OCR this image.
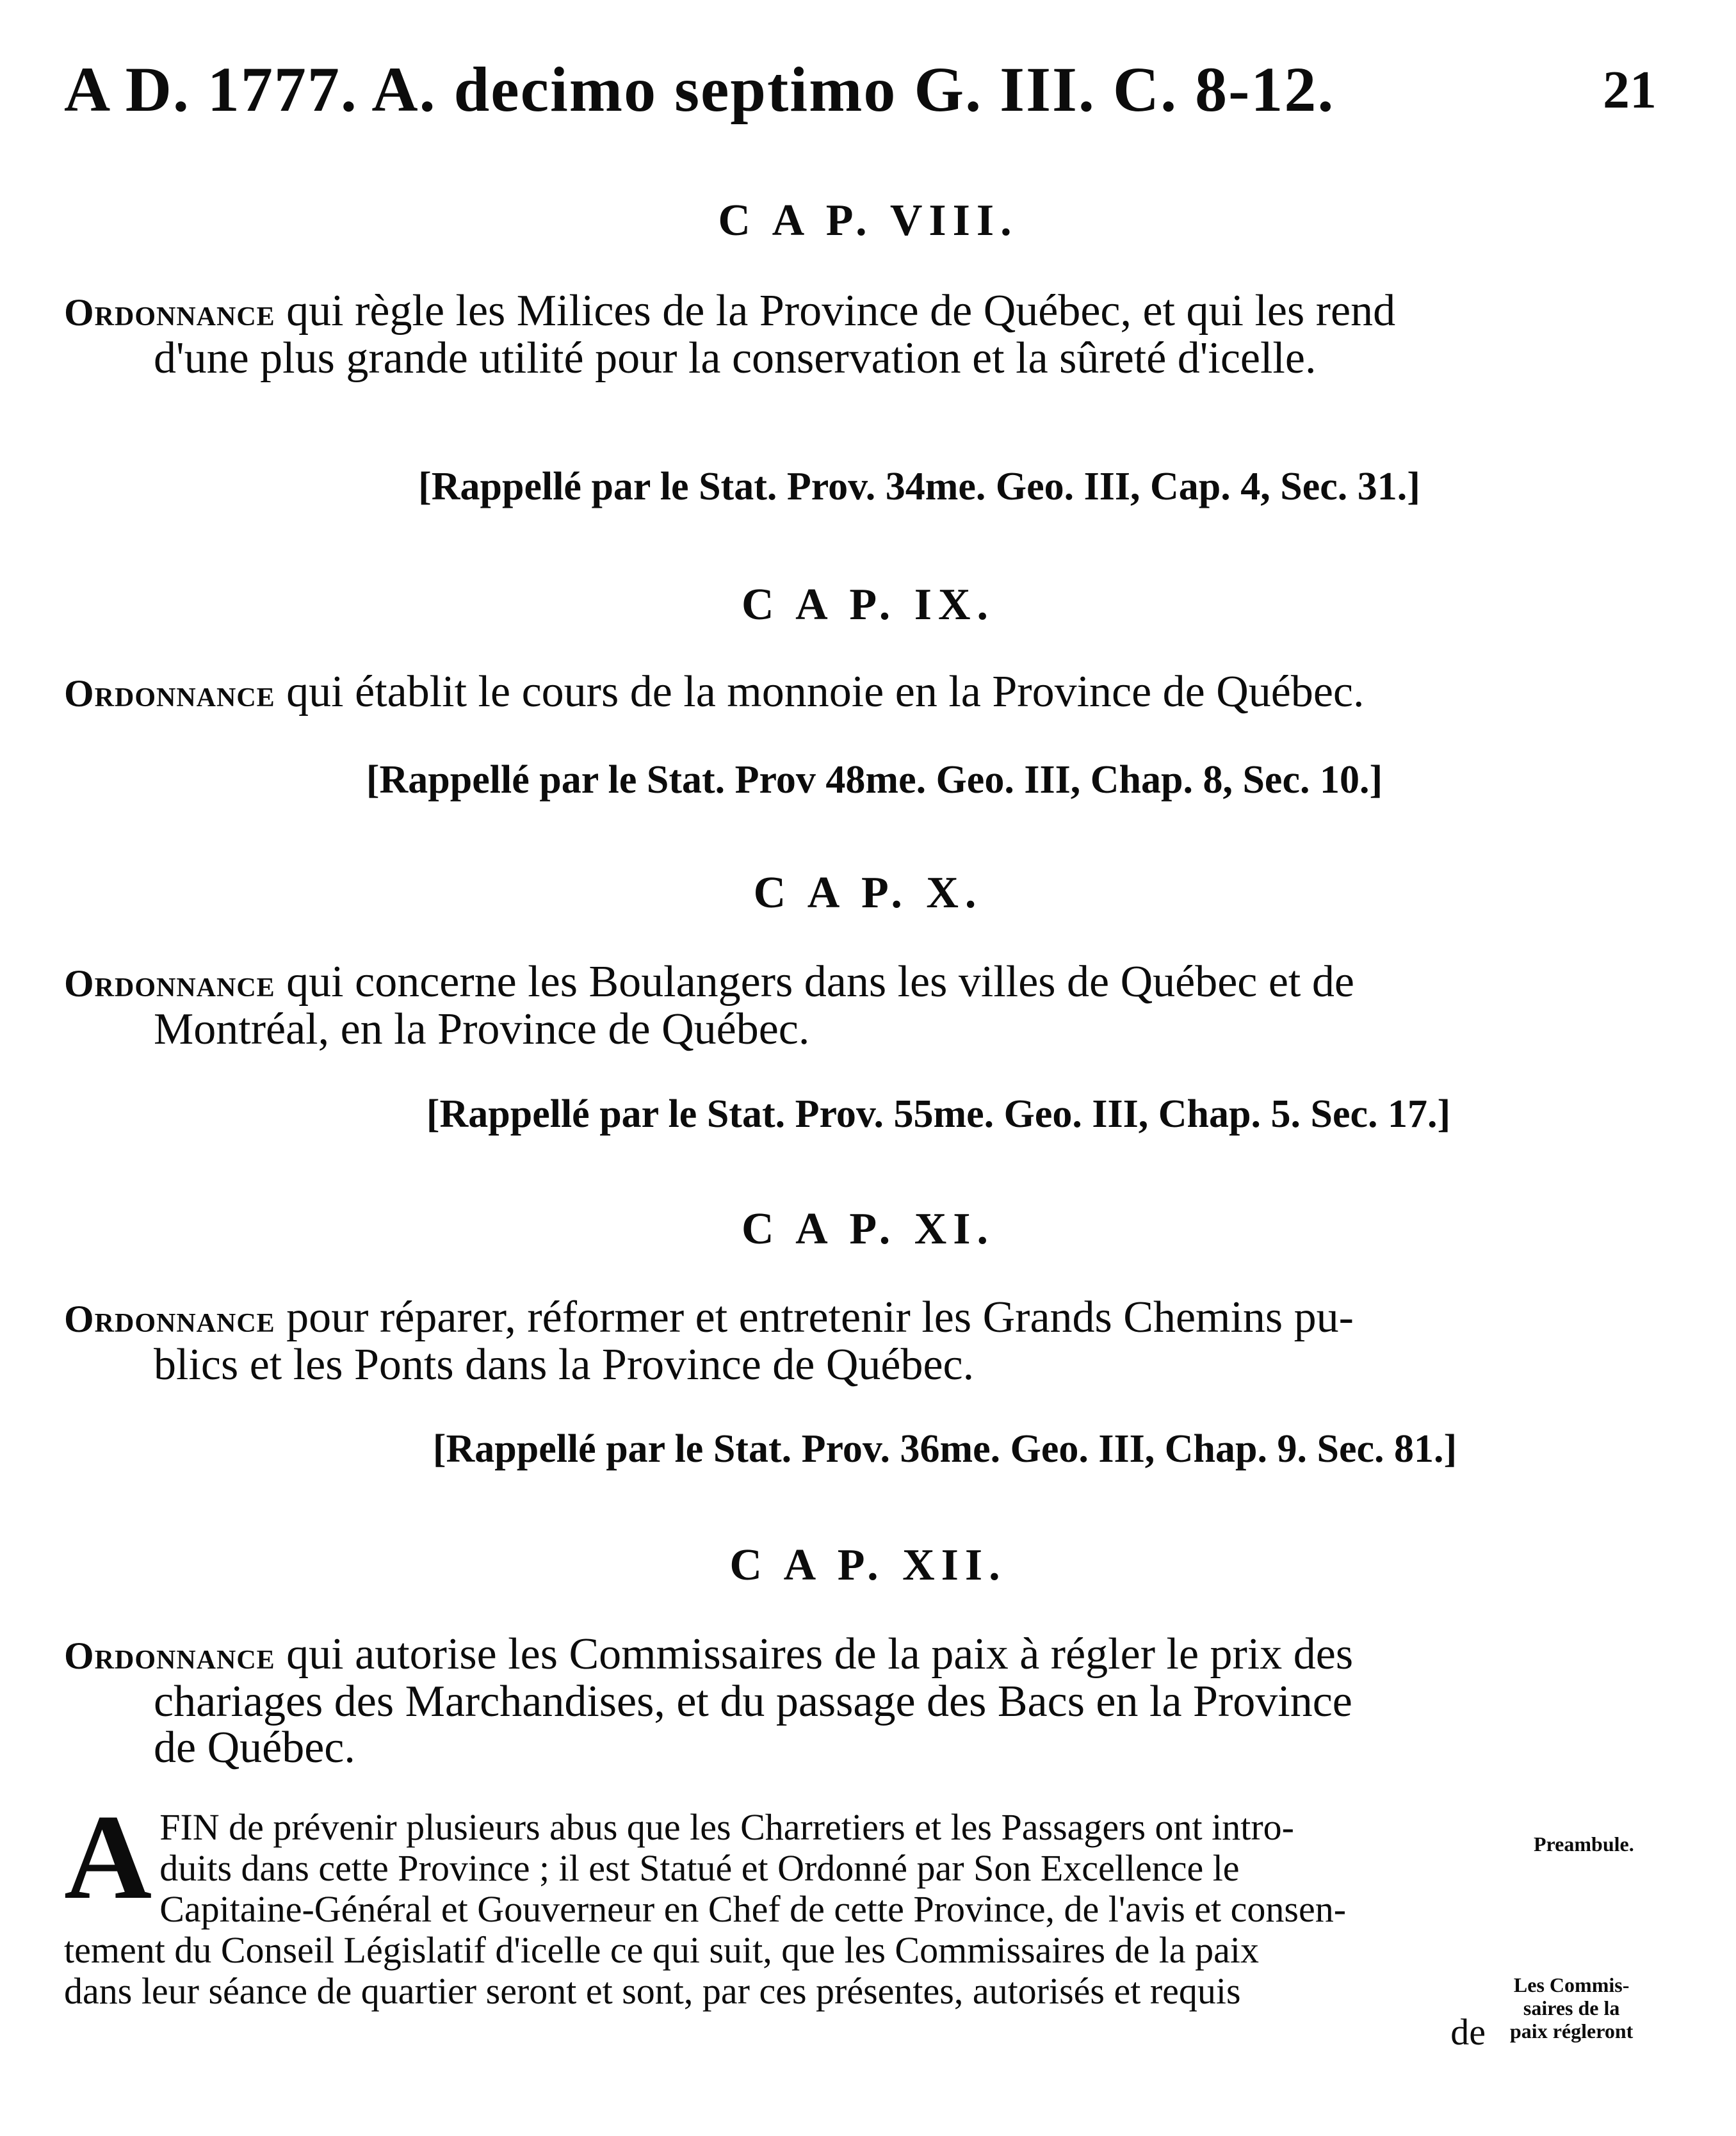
A D. 1777. A. decimo septimo G. III. C. 8-12.	21
C A P. VIII.
Ordonnance qui règle les Milices de la Province de Québec, et qui les rend
d'une plus grande utilité pour la conservation et la sûreté d'icelle.
[Rappellé par le Stat. Prov. 34me. Geo. III, Cap. 4, Sec. 31.]
C A P. IX.
Ordonnance qui établit le cours de la monnoie en la Province de Québec.
[Rappellé par le Stat. Prov 48me. Geo. III, Chap. 8, Sec. 10.]
C A P. X.
Ordonnance qui concerne les Boulangers dans les villes de Québec et de
Montréal, en la Province de Québec.
[Rappellé par le Stat. Prov. 55me. Geo. III, Chap. 5. Sec. 17.]
C A P. XI.
Ordonnance pour réparer, réformer et entretenir les Grands Chemins pu-
blics et les Ponts dans la Province de Québec.
[Rappellé par le Stat. Prov. 36me. Geo. III, Chap. 9. Sec. 81.]
C A P. XII.
Ordonnance qui autorise les Commissaires de la paix à régler le prix des
chariages des Marchandises, et du passage des Bacs en la Province
de Québec.
A FIN de prévenir plusieurs abus que les Charretiers et les Passagers ont intro-
duits dans cette Province ; il est Statué et Ordonné par Son Excellence le
Capitaine-Général et Gouverneur en Chef de cette Province, de l'avis et consen-
tement du Conseil Législatif d'icelle ce qui suit, que les Commissaires de la paix
dans leur séance de quartier seront et sont, par ces présentes, autorisés et requis
de
Preambule.
Les Commis-
saires de la
paix régleront
